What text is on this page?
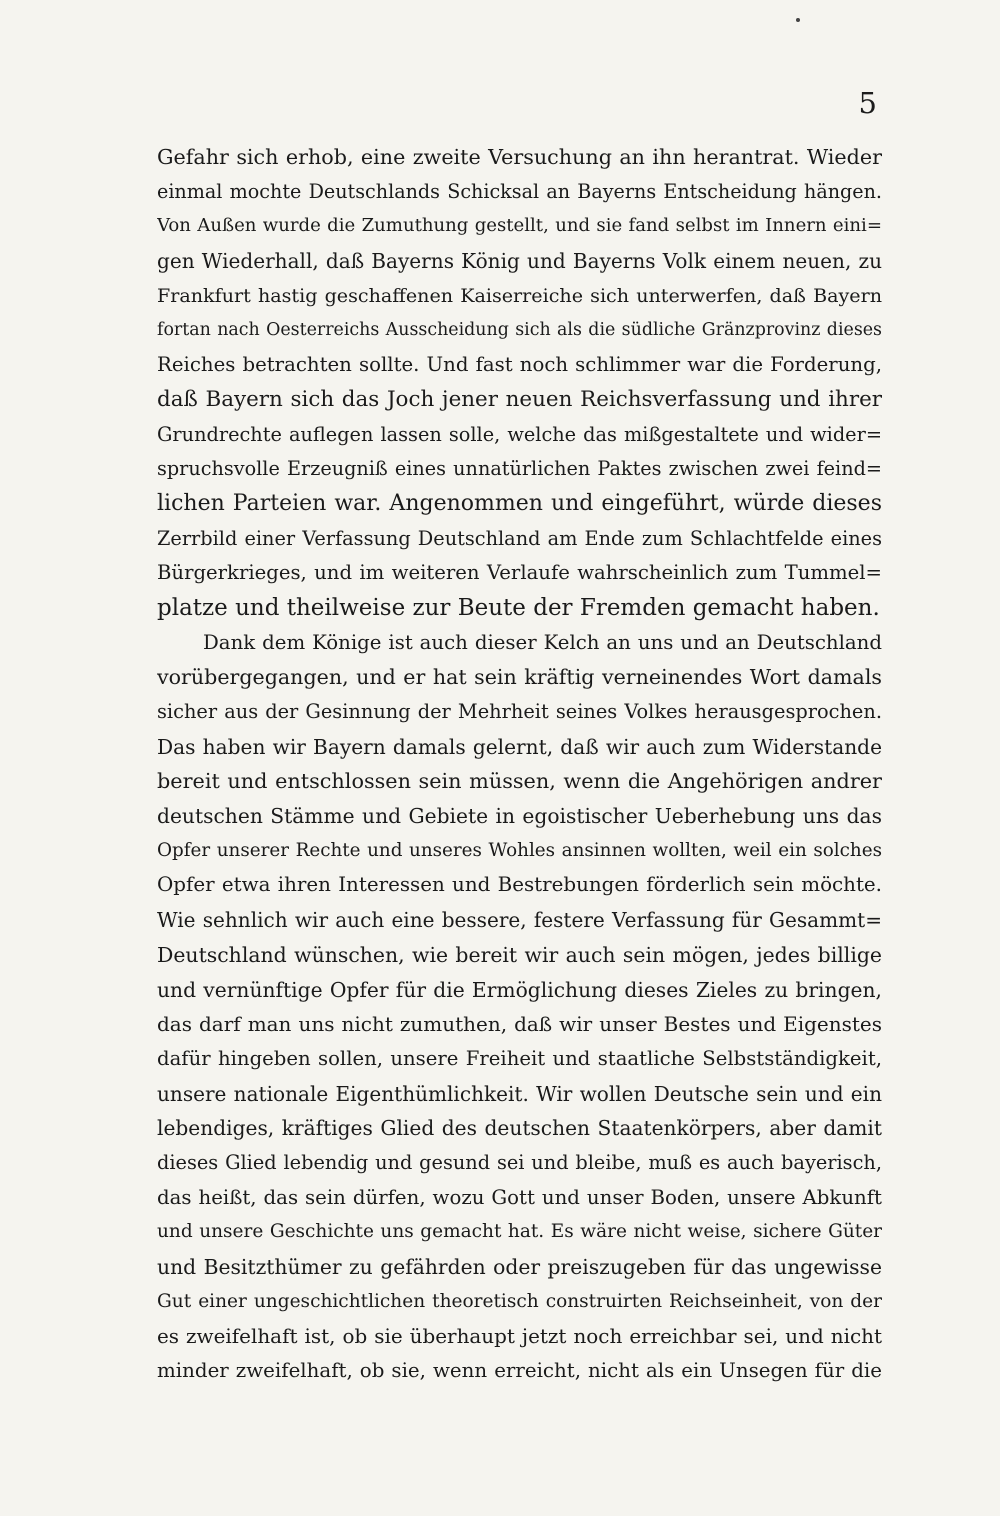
5
Gefahr sich erhob, eine zweite Versuchung an ihn herantrat. Wieder
einmal mochte Deutschlands Schicksal an Bayerns Entscheidung hängen.
Von Außen wurde die Zumuthung gestellt, und sie fand selbst im Innern eini=
gen Wiederhall, daß Bayerns König und Bayerns Volk einem neuen, zu
Frankfurt hastig geschaffenen Kaiserreiche sich unterwerfen, daß Bayern
fortan nach Oesterreichs Ausscheidung sich als die südliche Gränzprovinz dieses
Reiches betrachten sollte. Und fast noch schlimmer war die Forderung,
daß Bayern sich das Joch jener neuen Reichsverfassung und ihrer
Grundrechte auflegen lassen solle, welche das mißgestaltete und wider=
spruchsvolle Erzeugniß eines unnatürlichen Paktes zwischen zwei feind=
lichen Parteien war. Angenommen und eingeführt, würde dieses
Zerrbild einer Verfassung Deutschland am Ende zum Schlachtfelde eines
Bürgerkrieges, und im weiteren Verlaufe wahrscheinlich zum Tummel=
platze und theilweise zur Beute der Fremden gemacht haben.
Dank dem Könige ist auch dieser Kelch an uns und an Deutschland
vorübergegangen, und er hat sein kräftig verneinendes Wort damals
sicher aus der Gesinnung der Mehrheit seines Volkes herausgesprochen.
Das haben wir Bayern damals gelernt, daß wir auch zum Widerstande
bereit und entschlossen sein müssen, wenn die Angehörigen andrer
deutschen Stämme und Gebiete in egoistischer Ueberhebung uns das
Opfer unserer Rechte und unseres Wohles ansinnen wollten, weil ein solches
Opfer etwa ihren Interessen und Bestrebungen förderlich sein möchte.
Wie sehnlich wir auch eine bessere, festere Verfassung für Gesammt=
Deutschland wünschen, wie bereit wir auch sein mögen, jedes billige
und vernünftige Opfer für die Ermöglichung dieses Zieles zu bringen,
das darf man uns nicht zumuthen, daß wir unser Bestes und Eigenstes
dafür hingeben sollen, unsere Freiheit und staatliche Selbstständigkeit,
unsere nationale Eigenthümlichkeit. Wir wollen Deutsche sein und ein
lebendiges, kräftiges Glied des deutschen Staatenkörpers, aber damit
dieses Glied lebendig und gesund sei und bleibe, muß es auch bayerisch,
das heißt, das sein dürfen, wozu Gott und unser Boden, unsere Abkunft
und unsere Geschichte uns gemacht hat. Es wäre nicht weise, sichere Güter
und Besitzthümer zu gefährden oder preiszugeben für das ungewisse
Gut einer ungeschichtlichen theoretisch construirten Reichseinheit, von der
es zweifelhaft ist, ob sie überhaupt jetzt noch erreichbar sei, und nicht
minder zweifelhaft, ob sie, wenn erreicht, nicht als ein Unsegen für die
